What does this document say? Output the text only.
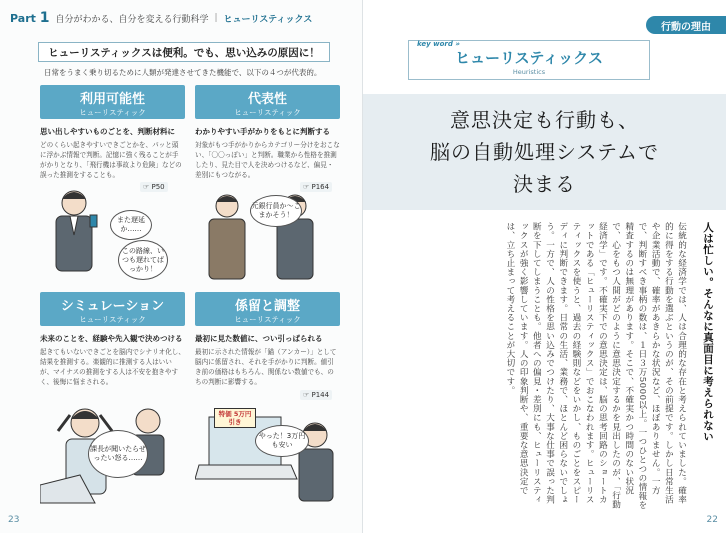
Part 1 自分がわかる、自分を変える行動科学 | ヒューリスティックス
ヒューリスティックスは便利。でも、思い込みの原因に！
日常をうまく乗り切るために人類が発達させてきた機能で、以下の４つが代表的。
利用可能性
ヒューリスティック
思い出しやすいものごとを、判断材料に
どのくらい起きやすいできごとかを、パッと頭に浮かぶ情報で判断。記憶に強く残ることが手がかりとなり、「飛行機は事故より危険」などの誤った推測をすることも。
☞ P50
また遅延か……
この路線、いつも遅れてばっかり！
代表性
ヒューリスティック
わかりやすい手がかりをもとに判断する
対象がもつ手がかりからカテゴリー分けをおこない、「〇〇っぽい」と判断。職業から性格を推測したり、見た目で人を決めつけるなど、偏見・差別にもつながる。
☞ P164
元銀行員か〜こまかそう！
シミュレーション
ヒューリスティック
未来のことを、経験や先入観で決めつける
起きてもいないできごとを脳内でシナリオ化し、結果を推測する。楽観的に推測する人はいいが、マイナスの推測をする人は不安を抱きやすく、後悔に悩まされる。
課長が聞いたらぜったい怒る……
係留と調整
ヒューリスティック
最初に見た数値に、つい引っぱられる
最初に示された情報が「錨（アンカー）」として脳内に係留され、それを手がかりに判断。値引き前の価格はもちろん、関係ない数値でも、のちの判断に影響する。
☞ P144
特価 5万円引き
やった！3万円も安い
23
行動の理由
key word »
ヒューリスティックス
Heuristics
意思決定も行動も、
脳の自動処理システムで
決まる
人は忙しい。そんなに真面目に考えられない

伝統的な経済学では、人は合理的な存在と考えられていました。確率的に得をする行動を選ぶというのが、その前提です。しかし日常生活や企業活動で、確率があきらかな状況など、ほぼありません。一方で、判断すべき事柄の数は、１日３万5000以上。一つひとつの情報を精査するのは無理があります。そこで、不確実かつ時間のない状況で、心をもつ人間がどのように意思決定するかを見出したのが、「行動経済学」です。不確実下での意思決定は、脳の思考回路のショートカットである「ヒューリスティックス」でおこなわれます。ヒューリスティックスを使うと、過去の経験則などをいかし、ものごとをスピーディに判断できます。日常の生活、業務で、ほとんど困らないでしょう。一方で、人の性格を思い込みでつけたり、大事な仕事で誤った判断を下してしまうことも。他者への偏見・差別にも、ヒューリスティックスが強く影響しています。人の印象判断や、重要な意思決定では、立ち止まって考えることが大切です。
22
